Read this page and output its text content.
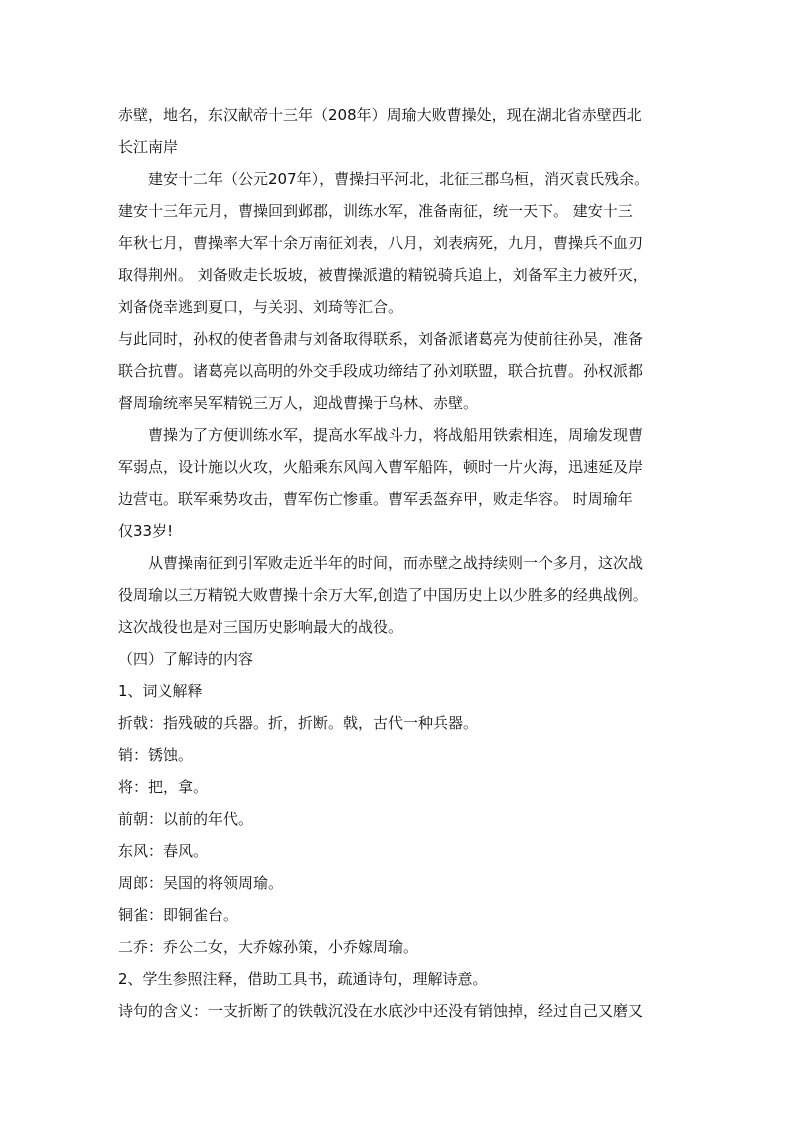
赤壁，地名，东汉献帝十三年（208年）周瑜大败曹操处，现在湖北省赤壁西北
长江南岸
建安十二年（公元207年），曹操扫平河北，北征三郡乌桓，消灭袁氏残余。
建安十三年元月，曹操回到邺郡，训练水军，准备南征，统一天下。 建安十三
年秋七月，曹操率大军十余万南征刘表，八月，刘表病死，九月，曹操兵不血刃
取得荆州。 刘备败走长坂坡，被曹操派遣的精锐骑兵追上，刘备军主力被歼灭，
刘备侥幸逃到夏口，与关羽、刘琦等汇合。
与此同时，孙权的使者鲁肃与刘备取得联系，刘备派诸葛亮为使前往孙吴，准备
联合抗曹。诸葛亮以高明的外交手段成功缔结了孙刘联盟，联合抗曹。孙权派都
督周瑜统率吴军精锐三万人，迎战曹操于乌林、赤壁。
曹操为了方便训练水军，提高水军战斗力，将战船用铁索相连，周瑜发现曹
军弱点，设计施以火攻，火船乘东风闯入曹军船阵，顿时一片火海，迅速延及岸
边营屯。联军乘势攻击，曹军伤亡惨重。曹军丢盔弃甲，败走华容。 时周瑜年
仅33岁!
从曹操南征到引军败走近半年的时间，而赤壁之战持续则一个多月，这次战
役周瑜以三万精锐大败曹操十余万大军,创造了中国历史上以少胜多的经典战例。
这次战役也是对三国历史影响最大的战役。
（四）了解诗的内容
1、词义解释
折戟：指残破的兵器。折，折断。戟，古代一种兵器。
销：锈蚀。
将：把，拿。
前朝：以前的年代。
东风：春风。
周郎：吴国的将领周瑜。
铜雀：即铜雀台。
二乔：乔公二女，大乔嫁孙策，小乔嫁周瑜。
2、学生参照注释，借助工具书，疏通诗句，理解诗意。
诗句的含义：一支折断了的铁戟沉没在水底沙中还没有销蚀掉，经过自己又磨又
